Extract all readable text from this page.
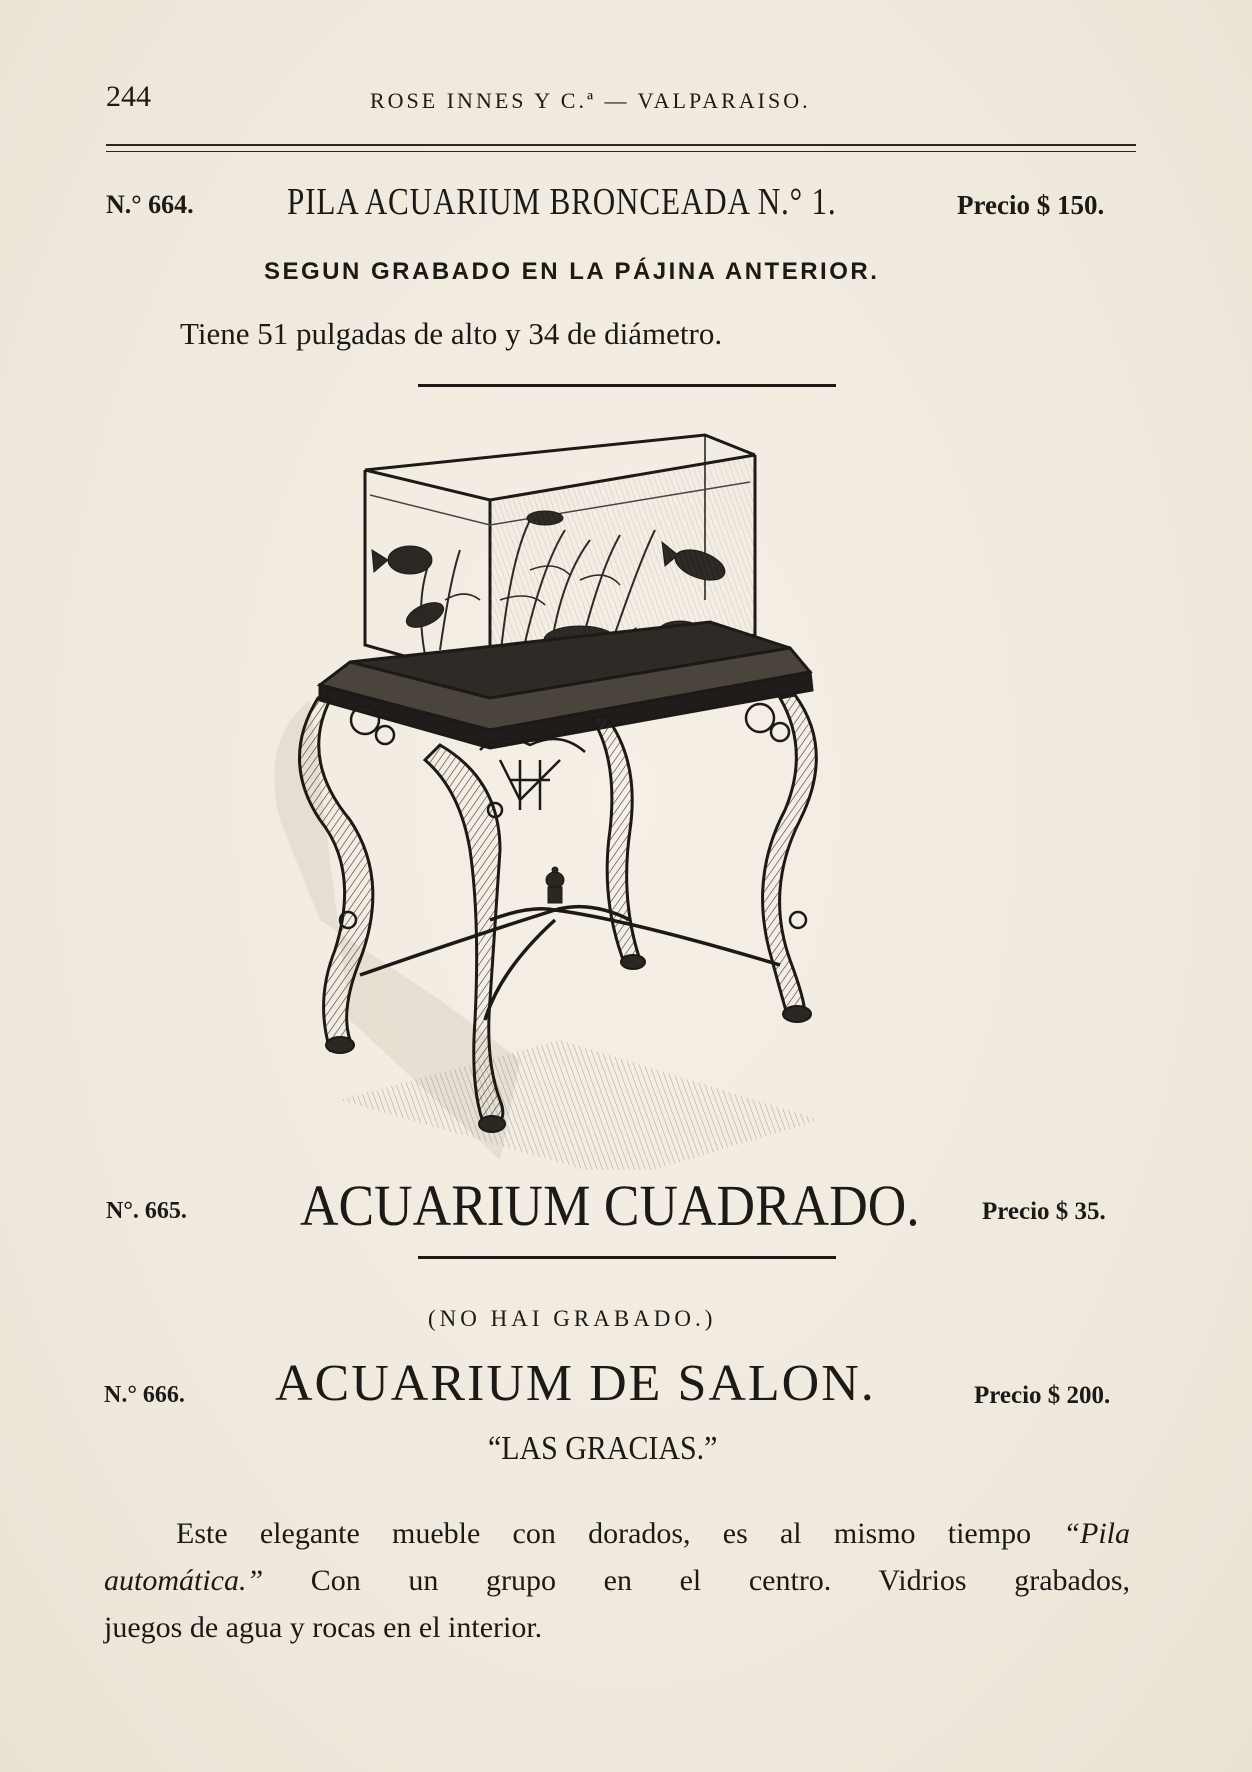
244	ROSE INNES Y C.ª — VALPARAISO.
N.° 664. PILA ACUARIUM BRONCEADA N.° 1.	Precio $ 150.
SEGUN GRABADO EN LA PÁJINA ANTERIOR.
Tiene 51 pulgadas de alto y 34 de diámetro.
N°. 665. ACUARIUM CUADRADO. Precio $ 35.
(NO HAI GRABADO.)
N.° 666. ACUARIUM DE SALON.	Precio $ 200.
“LAS GRACIAS.”
Este elegante mueble con dorados, es al mismo tiempo “Pila
automática.” Con un grupo en el centro. Vidrios grabados,
juegos de agua y rocas en el interior.
